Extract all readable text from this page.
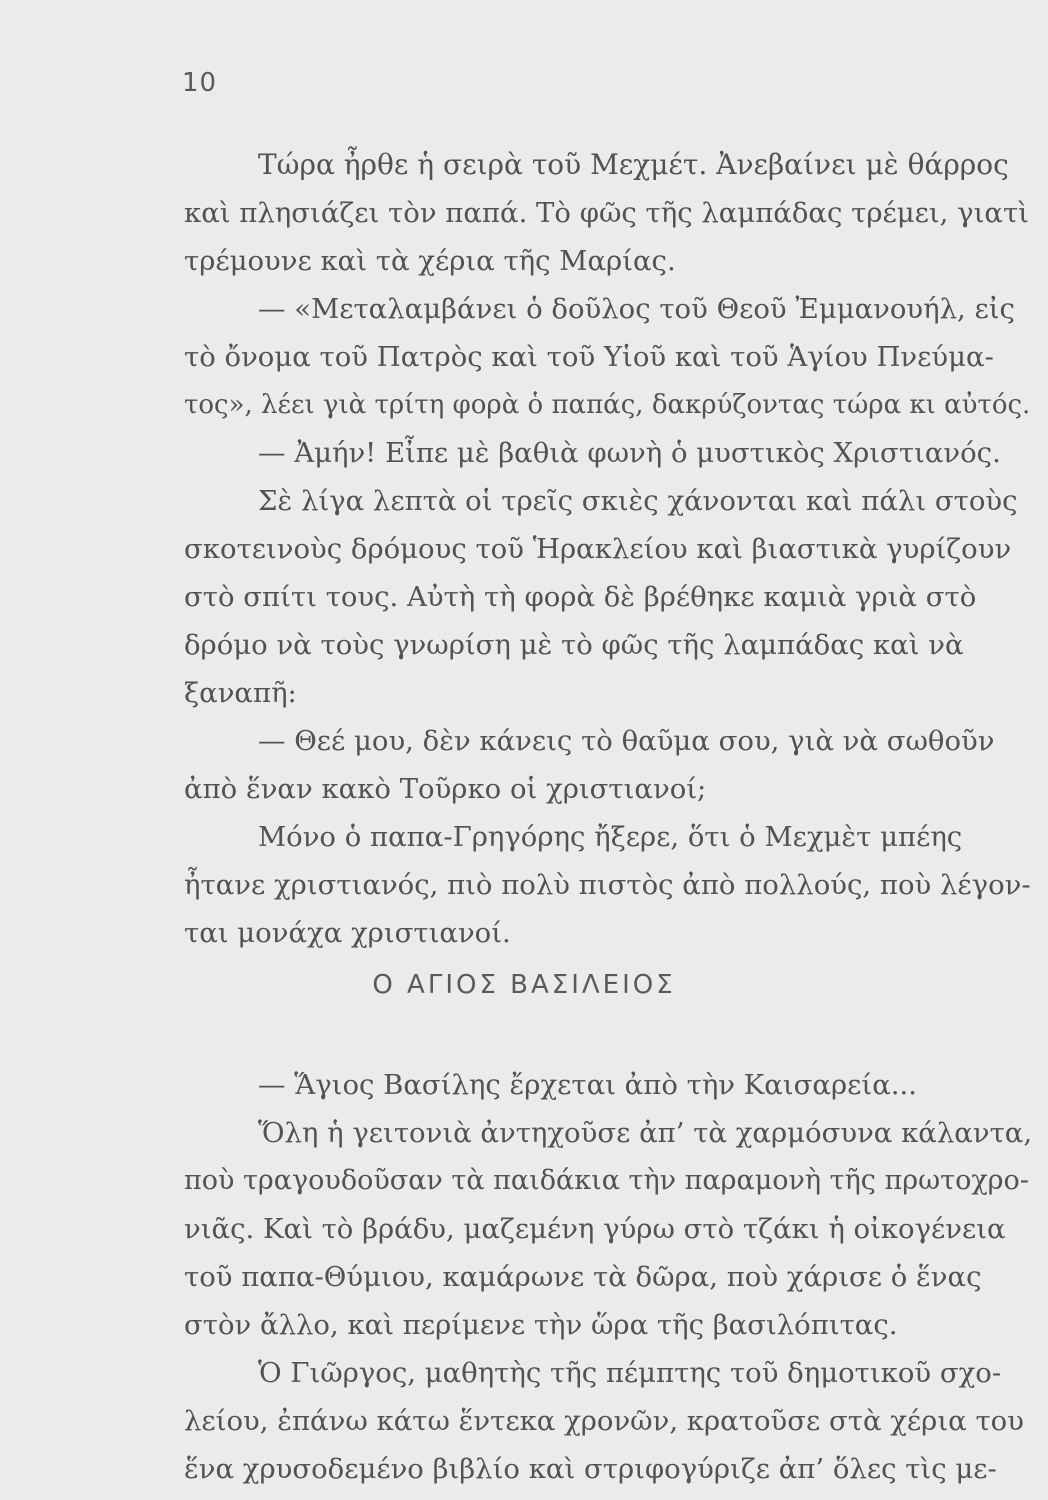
10
Τώρα ἦρθε ἡ σειρὰ τοῦ Μεχμέτ. Ἀνεβαίνει μὲ θάρρος
καὶ πλησιάζει τὸν παπά. Τὸ φῶς τῆς λαμπάδας τρέμει, γιατὶ
τρέμουνε καὶ τὰ χέρια τῆς Μαρίας.
— «Μεταλαμβάνει ὁ δοῦλος τοῦ Θεοῦ Ἐμμανουήλ, εἰς
τὸ ὄνομα τοῦ Πατρὸς καὶ τοῦ Υἱοῦ καὶ τοῦ Ἁγίου Πνεύμα-
τος», λέει γιὰ τρίτη φορὰ ὁ παπάς, δακρύζοντας τώρα κι αὐτός.
— Ἀμήν! Εἶπε μὲ βαθιὰ φωνὴ ὁ μυστικὸς Χριστιανός.
Σὲ λίγα λεπτὰ οἱ τρεῖς σκιὲς χάνονται καὶ πάλι στοὺς
σκοτεινοὺς δρόμους τοῦ Ἡρακλείου καὶ βιαστικὰ γυρίζουν
στὸ σπίτι τους. Αὐτὴ τὴ φορὰ δὲ βρέθηκε καμιὰ γριὰ στὸ
δρόμο νὰ τοὺς γνωρίση μὲ τὸ φῶς τῆς λαμπάδας καὶ νὰ
ξαναπῆ:
— Θεέ μου, δὲν κάνεις τὸ θαῦμα σου, γιὰ νὰ σωθοῦν
ἀπὸ ἕναν κακὸ Τοῦρκο οἱ χριστιανοί;
Μόνο ὁ παπα-Γρηγόρης ἤξερε, ὅτι ὁ Μεχμὲτ μπέης
ἦτανε χριστιανός, πιὸ πολὺ πιστὸς ἀπὸ πολλούς, ποὺ λέγον-
ται μονάχα χριστιανοί.
Ο ΑΓΙΟΣ ΒΑΣΙΛΕΙΟΣ
— Ἅγιος Βασίλης ἔρχεται ἀπὸ τὴν Καισαρεία...
Ὅλη ἡ γειτονιὰ ἀντηχοῦσε ἀπ’ τὰ χαρμόσυνα κάλαντα,
ποὺ τραγουδοῦσαν τὰ παιδάκια τὴν παραμονὴ τῆς πρωτοχρο-
νιᾶς. Καὶ τὸ βράδυ, μαζεμένη γύρω στὸ τζάκι ἡ οἰκογένεια
τοῦ παπα-Θύμιου, καμάρωνε τὰ δῶρα, ποὺ χάρισε ὁ ἕνας
στὸν ἄλλο, καὶ περίμενε τὴν ὥρα τῆς βασιλόπιτας.
Ὁ Γιῶργος, μαθητὴς τῆς πέμπτης τοῦ δημοτικοῦ σχο-
λείου, ἐπάνω κάτω ἕντεκα χρονῶν, κρατοῦσε στὰ χέρια του
ἕνα χρυσοδεμένο βιβλίο καὶ στριφογύριζε ἀπ’ ὅλες τὶς με-
